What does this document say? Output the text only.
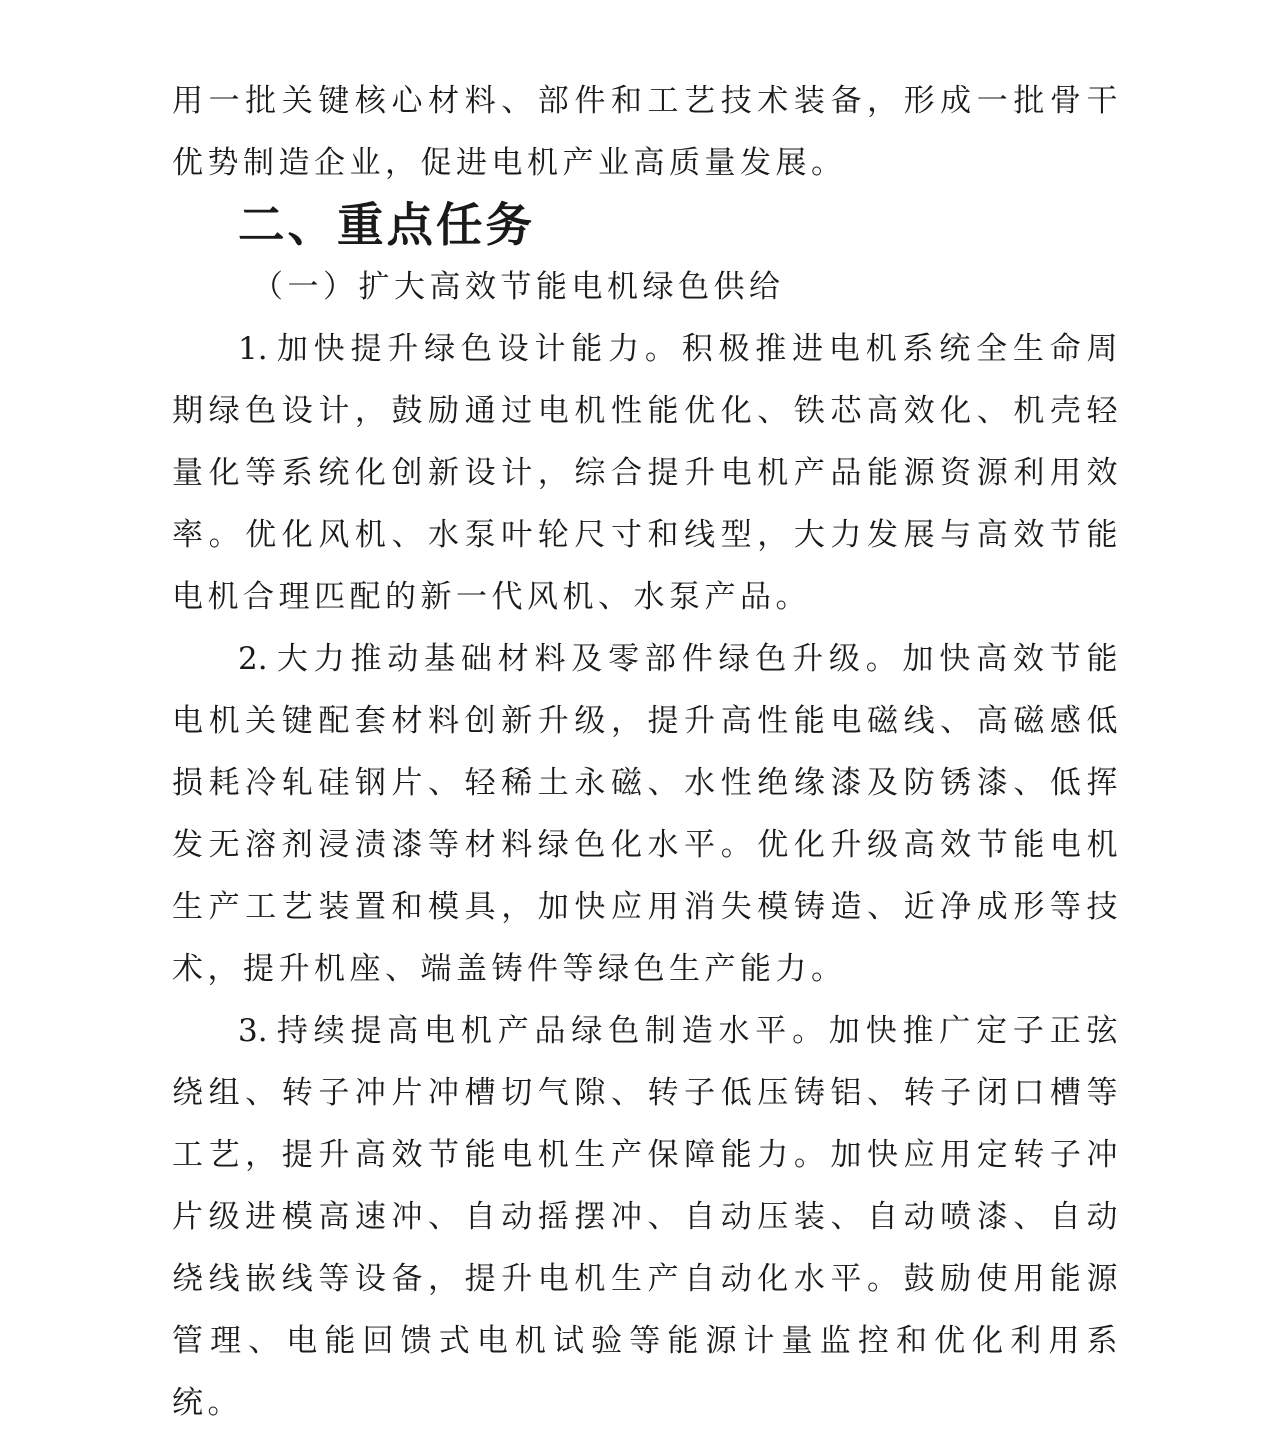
用一批关键核心材料、部件和工艺技术装备，形成一批骨干优势制造企业，促进电机产业高质量发展。

二、重点任务
（一）扩大高效节能电机绿色供给

1. 加快提升绿色设计能力。积极推进电机系统全生命周期绿色设计，鼓励通过电机性能优化、铁芯高效化、机壳轻量化等系统化创新设计，综合提升电机产品能源资源利用效率。优化风机、水泵叶轮尺寸和线型，大力发展与高效节能电机合理匹配的新一代风机、水泵产品。

2. 大力推动基础材料及零部件绿色升级。加快高效节能电机关键配套材料创新升级，提升高性能电磁线、高磁感低损耗冷轧硅钢片、轻稀土永磁、水性绝缘漆及防锈漆、低挥发无溶剂浸渍漆等材料绿色化水平。优化升级高效节能电机生产工艺装置和模具，加快应用消失模铸造、近净成形等技术，提升机座、端盖铸件等绿色生产能力。

3. 持续提高电机产品绿色制造水平。加快推广定子正弦绕组、转子冲片冲槽切气隙、转子低压铸铝、转子闭口槽等工艺，提升高效节能电机生产保障能力。加快应用定转子冲片级进模高速冲、自动摇摆冲、自动压装、自动喷漆、自动绕线嵌线等设备，提升电机生产自动化水平。鼓励使用能源管理、电能回馈式电机试验等能源计量监控和优化利用系统。
